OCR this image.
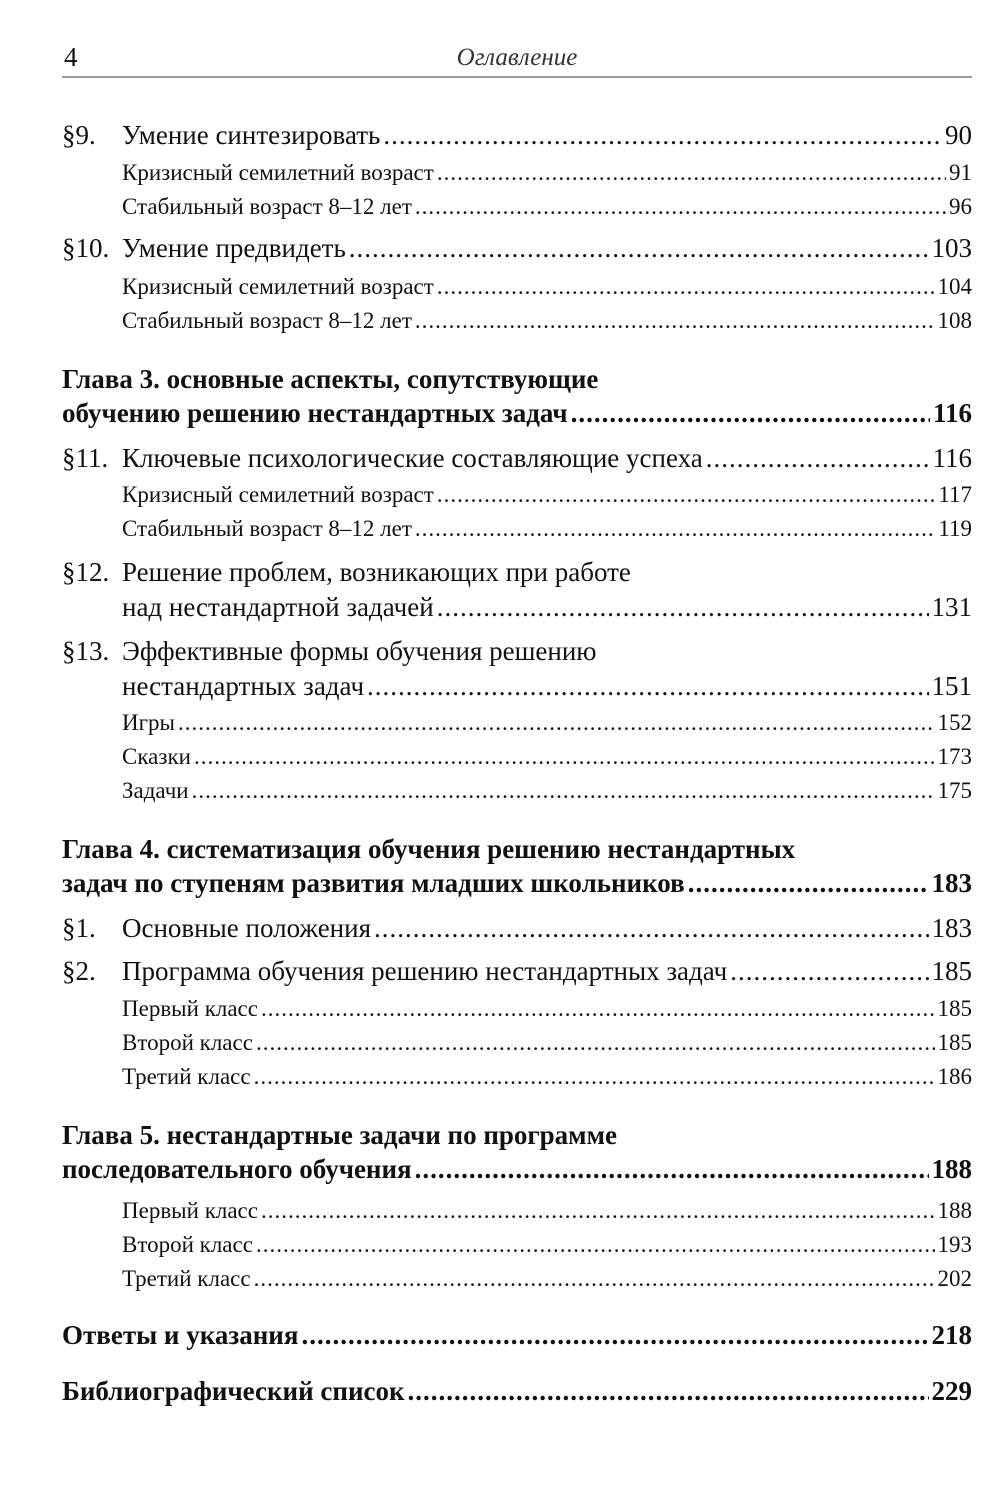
4	Оглавление
§9. Умение синтезировать .....	90
Кризисный семилетний возраст .....	91
Стабильный возраст 8–12 лет .....	96
§10. Умение предвидеть .....	103
Кризисный семилетний возраст .....	104
Стабильный возраст 8–12 лет .....	108
Глава 3. основные аспекты, сопутствующие
обучению решению нестандартных задач .....	116
§11. Ключевые психологические составляющие успеха .....	116
Кризисный семилетний возраст .....	117
Стабильный возраст 8–12 лет .....	119
§12. Решение проблем, возникающих при работе
над нестандартной задачей .....	131
§13. Эффективные формы обучения решению
нестандартных задач .....	151
Игры .....	152
Сказки .....	173
Задачи .....	175
Глава 4. систематизация обучения решению нестандартных
задач по ступеням развития младших школьников .....	183
§1. Основные положения .....	183
§2. Программа обучения решению нестандартных задач .....	185
Первый класс .....	185
Второй класс .....	185
Третий класс .....	186
Глава 5. нестандартные задачи по программе
последовательного обучения .....	188
Первый класс .....	188
Второй класс .....	193
Третий класс .....	202
Ответы и указания .....	218
Библиографический список .....	229
